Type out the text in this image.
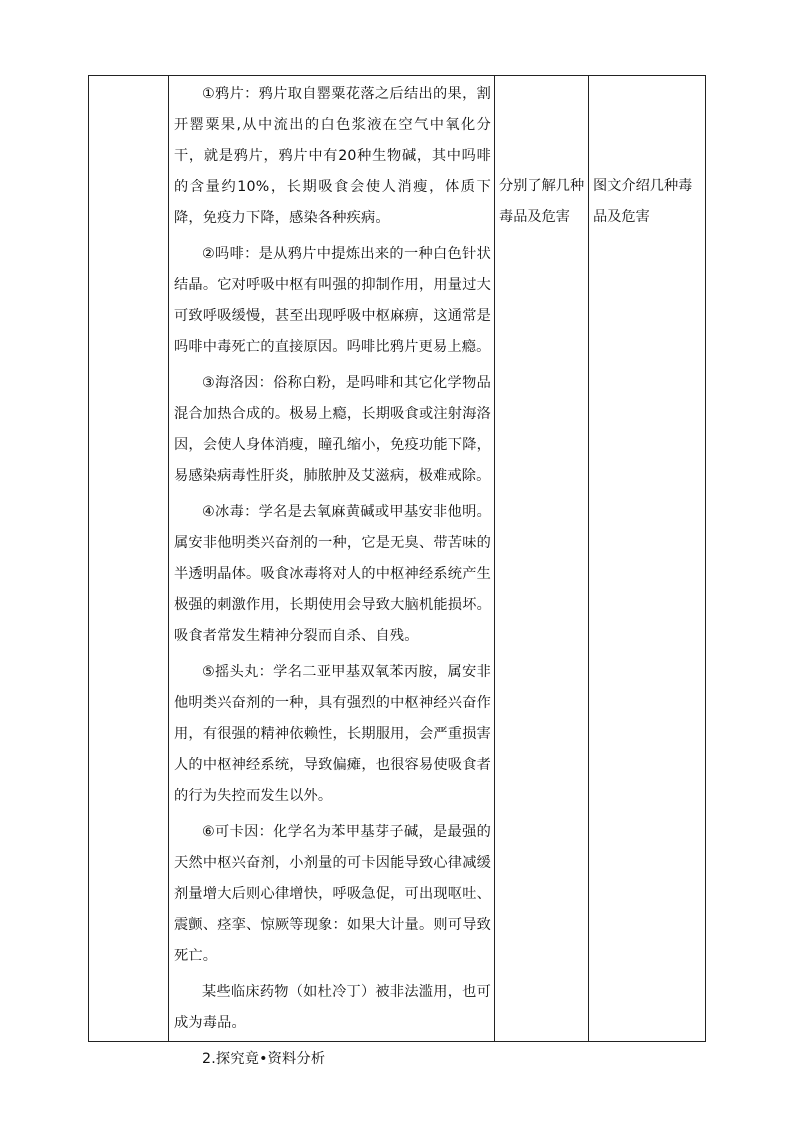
①鸦片：鸦片取自罂粟花落之后结出的果，割开罂粟果,从中流出的白色浆液在空气中氧化分干，就是鸦片，鸦片中有20种生物碱，其中吗啡的含量约10%，长期吸食会使人消瘦，体质下降，免疫力下降，感染各种疾病。

②吗啡：是从鸦片中提炼出来的一种白色针状结晶。它对呼吸中枢有叫强的抑制作用，用量过大可致呼吸缓慢，甚至出现呼吸中枢麻痹，这通常是吗啡中毒死亡的直接原因。吗啡比鸦片更易上瘾。

③海洛因：俗称白粉，是吗啡和其它化学物品混合加热合成的。极易上瘾，长期吸食或注射海洛因，会使人身体消瘦，瞳孔缩小，免疫功能下降，易感染病毒性肝炎，肺脓肿及艾滋病，极难戒除。

④冰毒：学名是去氧麻黄碱或甲基安非他明。属安非他明类兴奋剂的一种，它是无臭、带苦味的半透明晶体。吸食冰毒将对人的中枢神经系统产生极强的刺激作用，长期使用会导致大脑机能损坏。吸食者常发生精神分裂而自杀、自残。

⑤摇头丸：学名二亚甲基双氧苯丙胺，属安非他明类兴奋剂的一种，具有强烈的中枢神经兴奋作用，有很强的精神依赖性，长期服用，会严重损害人的中枢神经系统，导致偏瘫，也很容易使吸食者的行为失控而发生以外。

⑥可卡因：化学名为苯甲基芽子碱，是最强的天然中枢兴奋剂，小剂量的可卡因能导致心律减缓剂量增大后则心律增快，呼吸急促，可出现呕吐、震颤、痉挛、惊厥等现象：如果大计量。则可导致死亡。

某些临床药物（如杜冷丁）被非法滥用，也可成为毒品。

2.探究竟•资料分析

分别了解几种毒品及危害
图文介绍几种毒品及危害
